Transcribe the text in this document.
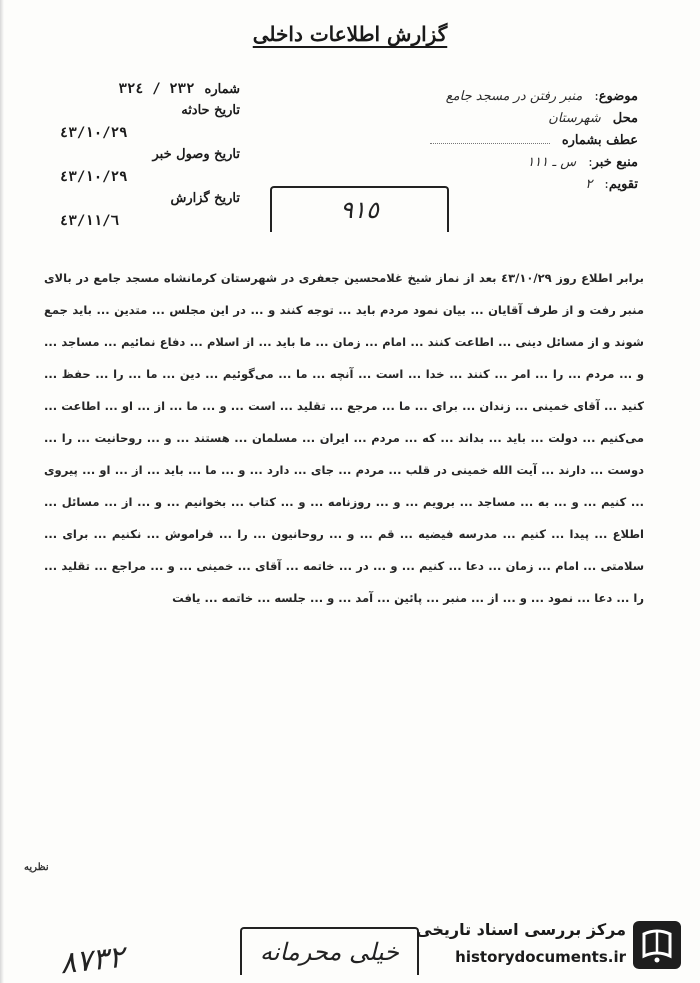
گزارش اطلاعات داخلی
موضوع: منبر رفتن در مسجد جامع
محل شهرستان
عطف بشماره
منبع خبر: س ـ ١١١
تقویم: ٢
شماره ٢٣٢ / ٣٢٤
تاریخ حادثه
٤٣/١٠/٢٩
تاریخ وصول خبر
٤٣/١٠/٢٩
تاریخ گزارش
٤٣/١١/٦	٩١٥

برابر اطلاع روز ٤٣/١٠/٢٩ بعد از نماز شیخ غلامحسین جعفری در شهرستان کرمانشاه مسجد جامع در بالای منبر رفت و از طرف آقایان ... بیان نمود مردم باید ... توجه کنند و ... در این مجلس ... متدین ... باید جمع شوند و از مسائل دینی ... اطاعت کنند ... امام ... زمان ... ما باید ... از اسلام ... دفاع نمائیم ... مساجد ... و ... مردم ... را ... امر ... کنند ... خدا ... است ... آنچه ... ما ... می‌گوئیم ... دین ... ما ... را ... حفظ ... کنید ... آقای خمینی ... زندان ... برای ... ما ... مرجع ... تقلید ... است ... و ... ما ... از ... او ... اطاعت ... می‌کنیم ... دولت ... باید ... بداند ... که ... مردم ... ایران ... مسلمان ... هستند ... و ... روحانیت ... را ... دوست ... دارند ... آیت الله خمینی در قلب ... مردم ... جای ... دارد ... و ... ما ... باید ... از ... او ... پیروی ... کنیم ... و ... به ... مساجد ... برویم ... و ... روزنامه ... و ... کتاب ... بخوانیم ... و ... از ... مسائل ... اطلاع ... پیدا ... کنیم ... مدرسه فیضیه ... قم ... و ... روحانیون ... را ... فراموش ... نکنیم ... برای ... سلامتی ... امام ... زمان ... دعا ... کنیم ... و ... در ... خاتمه ... آقای ... خمینی ... و ... مراجع ... تقلید ... را ... دعا ... نمود ... و ... از ... منبر ... پائین ... آمد ... و ... جلسه ... خاتمه ... یافت

نظریه
٨٧٣٢	خیلی محرمانه
مرکز بررسی اسناد تاریخی
historydocuments.ir
